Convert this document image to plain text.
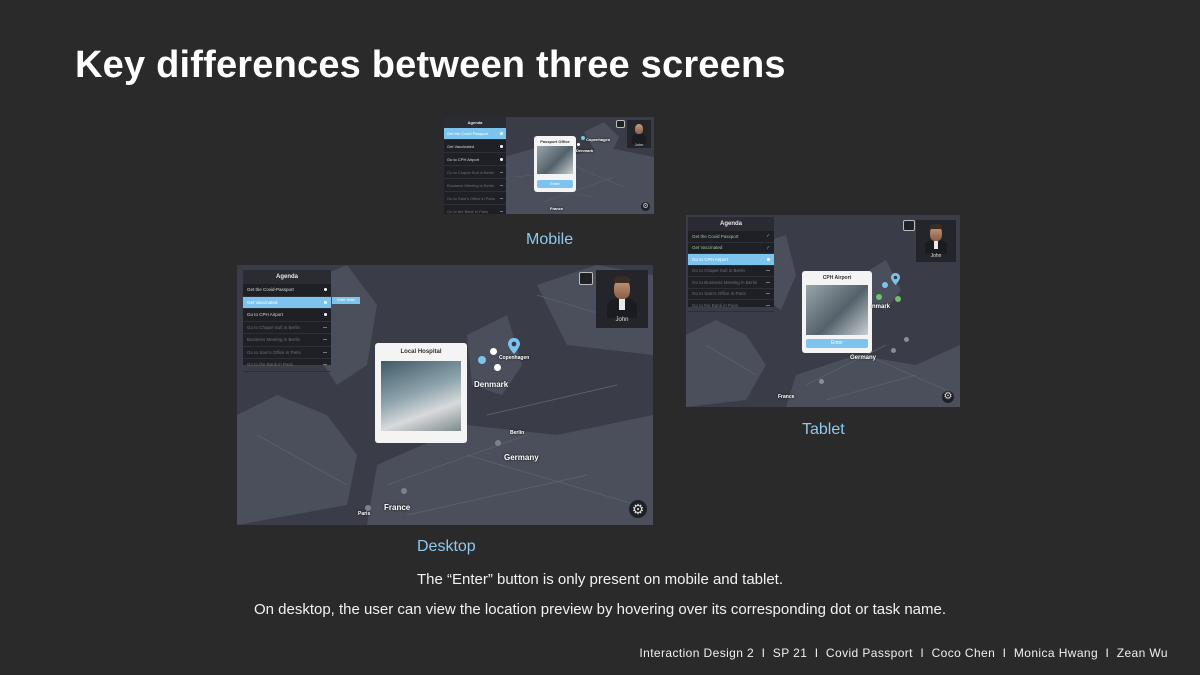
Key differences between three screens
Agenda
Get the Covid Passport
Get Vaccinated
Go to CPH Airport
Go to Chapel Sufi in Berlin
Business Meeting in Berlin
Go to Sam's Office in Paris
Go to the Bank in Paris
Passport Office
Enter
Copenhagen
Denmark
France
John
⚙
Mobile
Agenda
Get the Covid Passport	✓
Get Vaccinated	✓
Go to CPH Airport
Go to Chapel Sufi in Berlin
Go to Business Meeting in Berlin
Go to Sam's Office in Paris
Go to the Bank in Paris
CPH Airport
Enter
nmark
Germany
France
John
⚙
Tablet
Agenda
Get the Covid-Passport
Get Vaccinated
Go to CPH Airport
Go to Chapel Sufi in Berlin
Business Meeting in Berlin
Go to Sam's Office in Paris
Go to the Bank in Paris
Enter Hotel
Local Hospital
Copenhagen
Denmark
Berlin
Germany
France
Paris
John
⚙
Desktop
The “Enter” button is only present on mobile and tablet.
On desktop, the user can view the location preview by hovering over its corresponding dot or task name.
Interaction Design 2  I  SP 21  I  Covid Passport  I  Coco Chen  I  Monica Hwang  I  Zean Wu
